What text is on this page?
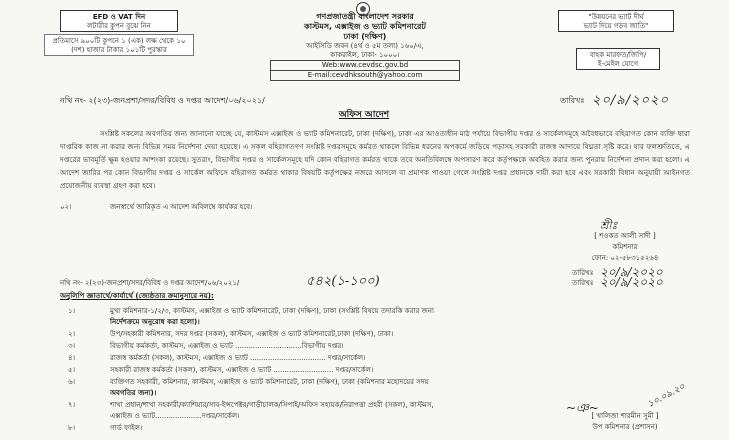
EFD ও VAT দিন
লটারীর কুপন বুঝে নিন
প্রতিমাসে ৯০০টি কুপনে ১ (এক) লক্ষ থেকে ১০
(দশ) হাজার টাকার ১০১টি পুরস্কার
গণপ্রজাতন্ত্রী বাংলাদেশ সরকার
কাস্টমস, এক্সাইজ ও ভ্যাট কমিশনারেট
ঢাকা (দক্ষিণ)
আইসিডি জবন (৪র্থ ও ৫ম তলা) ১৬০/এ,
কাকরাইল, ঢাকা- ১০০০।
Web:www.cevdsc.gov.bd
E-mail:cevdhksouth@yahoo.com
"উন্নয়নের ভ্যাট দীর্ঘ
ভ্যাট দিয়ে গড়ব জাতি"
বাহক মারফত/জিপি/
ই-মেইল যোগে
নথি নং- ২(২৩)-জনপ্রশা/সদর/বিবিধ ও দপ্তর আদেশ/০৬/২০২১/	তারিখঃ ২০/৯/২০২০
অফিস আদেশ
সংশ্লিষ্ট সকলের অবগতির জন্য জানানো যাচ্ছে যে, কাস্টমস এক্সাইজ ও ভ্যাট কমিশনারেট, ঢাকা (দক্ষিণ), ঢাকা এর আওতাধীন মাঠ পর্যায়ে বিভাগীয় দপ্তর ও সার্কেলসমূহে অবৈধভাবে বহিরাগত কোন ব্যক্তি দ্বারা দাপ্তরিক কাজ না করার জন্য বিভিন্ন সময় নির্দেশনা দেয়া হয়েছে। এ সকল বহিরাগতগণ সংশ্লিষ্ট দপ্তরসমূহে কর্মরত থাকলে বিভিন্ন ধরনের অপকর্মে জড়িয়ে পড়াসহ সরকারী রাজস্ব আদায়ে বিঘ্নতা সৃষ্টি করে। যার ফলশ্রুতিতে, এ দপ্তরের ভাবমূর্তি ক্ষুন্ন হওয়ার আশংকা রয়েছে। সুতরাং, বিভাগীয় দপ্তর ও সার্কেলসমূহে যদি কোন বহিরাগত কর্মরত থাকে তবে অনতিবিলম্বে অপসারণ করে কর্তৃপক্ষকে অবহিত করার জন্য পুনরায় নির্দেশনা প্রদান করা হলো। এ আদেশ জারির পর কোন বিভাগীয় দপ্তর ও সার্কেল অফিসে বহিরাগত কর্মরত থাকার বিষয়টি কর্তৃপক্ষের নজরে আসলে বা প্রমাণক পাওয়া গেলে সংশ্লিষ্ট দপ্তর প্রধানকে দায়ী করা হবে এবং সরকারী বিধান অনুযায়ী আইনগত প্রয়োজনীয় ব্যবস্থা গ্রহণ করা হবে।
০২।	জনস্বার্থে জারিকৃত এ আদেশ অবিলম্বে কার্যকর হবে।
শ্রীঃ
[ শওকত আলী সাদী ]
কমিশনার
ফোন: ০২-৫৮৩১৫২৬৪
তারিখঃ ২০/৯/২০২০
নথি নং- ২(২৩)-জনপ্রশা/সদর/বিবিধ ও দপ্তর আদেশ/০৬/২০২১/	৫৪২(১-১০০)	তারিখঃ ২০/৯/২০২০
অনুলিপি জ্ঞাতার্থে/কার্যার্থে (জ্যেষ্ঠতার ক্রমানুসারে নয়):
১।	মুখ্য কমিশনার-১/২/৩, কাস্টমস, এক্সাইজ ও ভ্যাট কমিশনারেট, ঢাকা (দক্ষিণ), ঢাকা (সংশ্লিষ্ট বিষয়ে তদারকি করার জন্য
নির্দেশক্রমে অনুরোধ করা হলো)।
২।	উপ/সহকারী কমিশনার, সদর দপ্তর (সকল), কাস্টমস, এক্সাইজ ও ভ্যাট কমিশনারেট,ঢাকা (দক্ষিণ), ঢাকা।
৩।	বিভাগীয় কর্মকর্তা, কাস্টমস, এক্সাইজ ও ভ্যাট ..............................বিভাগীয় দপ্তর।
৪।	রাজস্ব কর্মকর্তা (সকল), কাস্টমস, এক্সাইজ ও ভ্যাট .................................. দপ্তর/সার্কেল।
৫।	সহকারী রাজস্ব কর্মকর্তা (সকল), কাস্টমস, এক্সাইজ ও ভ্যাট ........................... দপ্তর/সার্কেল।
৬।	ব্যক্তিগত সহকারী, কমিশনার, কাস্টমস, এক্সাইজ ও ভ্যাট কমিশনারেট, ঢাকা (দক্ষিণ), ঢাকা (কমিশনার মহোদয়ের সদয়
অবগতির জন্য)।
৭।	শাখা প্রধান/শাখা সহকারী/ক্যাশিয়ার/সাব-ইন্সপেক্টর/গাড়ীচালক/সিপাই/অফিস সহায়ক/নিরাপত্তা প্রহরী (সকল), কাস্টমস,
এক্সাইজ ও ভ্যাট.....................দপ্তর/সার্কেল।
৮।	গার্ড ফাইল।
~ঞ~	১০.০৯.২০
[ খালিজা শারমীন সুমী ]
উপ কমিশনার (প্রশাসন)
